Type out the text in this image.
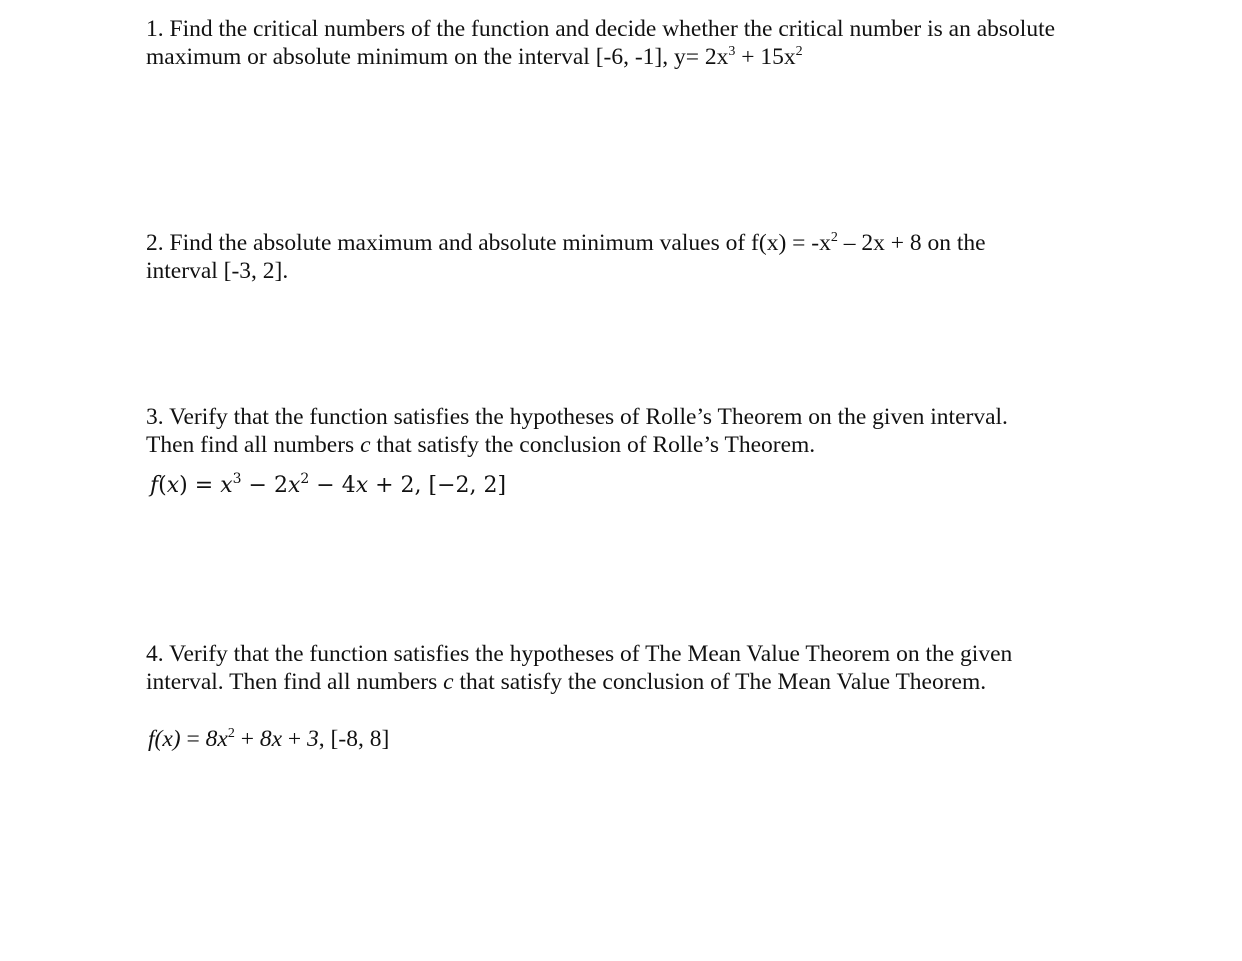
1. Find the critical numbers of the function and decide whether the critical number is an absolute
maximum or absolute minimum on the interval [-6, -1], $y= 2x^3 + 15x^2$
2. Find the absolute maximum and absolute minimum values of $f(x) = -x^2 - 2x + 8$ on the
interval [-3, 2].
3. Verify that the function satisfies the hypotheses of Rolle’s Theorem on the given interval.
Then find all numbers c that satisfy the conclusion of Rolle’s Theorem.
$f(x) = x^3 - 2x^2 - 4x + 2$, [−2, 2]
4. Verify that the function satisfies the hypotheses of The Mean Value Theorem on the given
interval. Then find all numbers c that satisfy the conclusion of The Mean Value Theorem.
$f(x) = 8x^2 + 8x + 3$, [-8, 8]
